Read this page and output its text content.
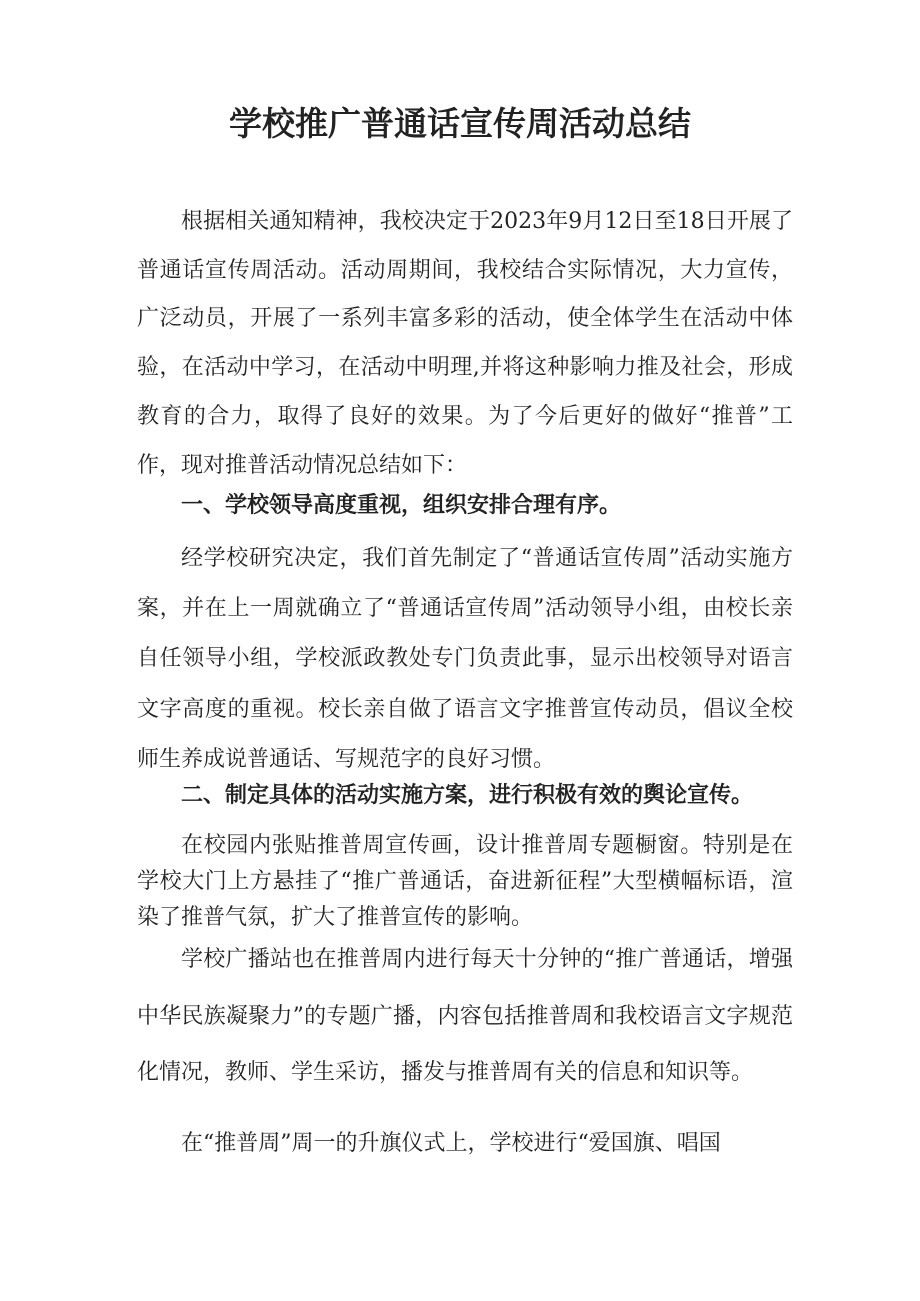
学校推广普通话宣传周活动总结

根据相关通知精神，我校决定于2023年9月12日至18日开展了普通话宣传周活动。活动周期间，我校结合实际情况，大力宣传，广泛动员，开展了一系列丰富多彩的活动，使全体学生在活动中体验，在活动中学习，在活动中明理,并将这种影响力推及社会，形成教育的合力，取得了良好的效果。为了今后更好的做好“推普”工作，现对推普活动情况总结如下：

一、学校领导高度重视，组织安排合理有序。

经学校研究决定，我们首先制定了“普通话宣传周”活动实施方案，并在上一周就确立了“普通话宣传周”活动领导小组，由校长亲自任领导小组，学校派政教处专门负责此事，显示出校领导对语言文字高度的重视。校长亲自做了语言文字推普宣传动员，倡议全校师生养成说普通话、写规范字的良好习惯。

二、制定具体的活动实施方案，进行积极有效的舆论宣传。

在校园内张贴推普周宣传画，设计推普周专题橱窗。特别是在学校大门上方悬挂了“推广普通话，奋进新征程”大型横幅标语，渲染了推普气氛，扩大了推普宣传的影响。

学校广播站也在推普周内进行每天十分钟的“推广普通话，增强中华民族凝聚力”的专题广播，内容包括推普周和我校语言文字规范化情况，教师、学生采访，播发与推普周有关的信息和知识等。

在“推普周”周一的升旗仪式上，学校进行“爱国旗、唱国
